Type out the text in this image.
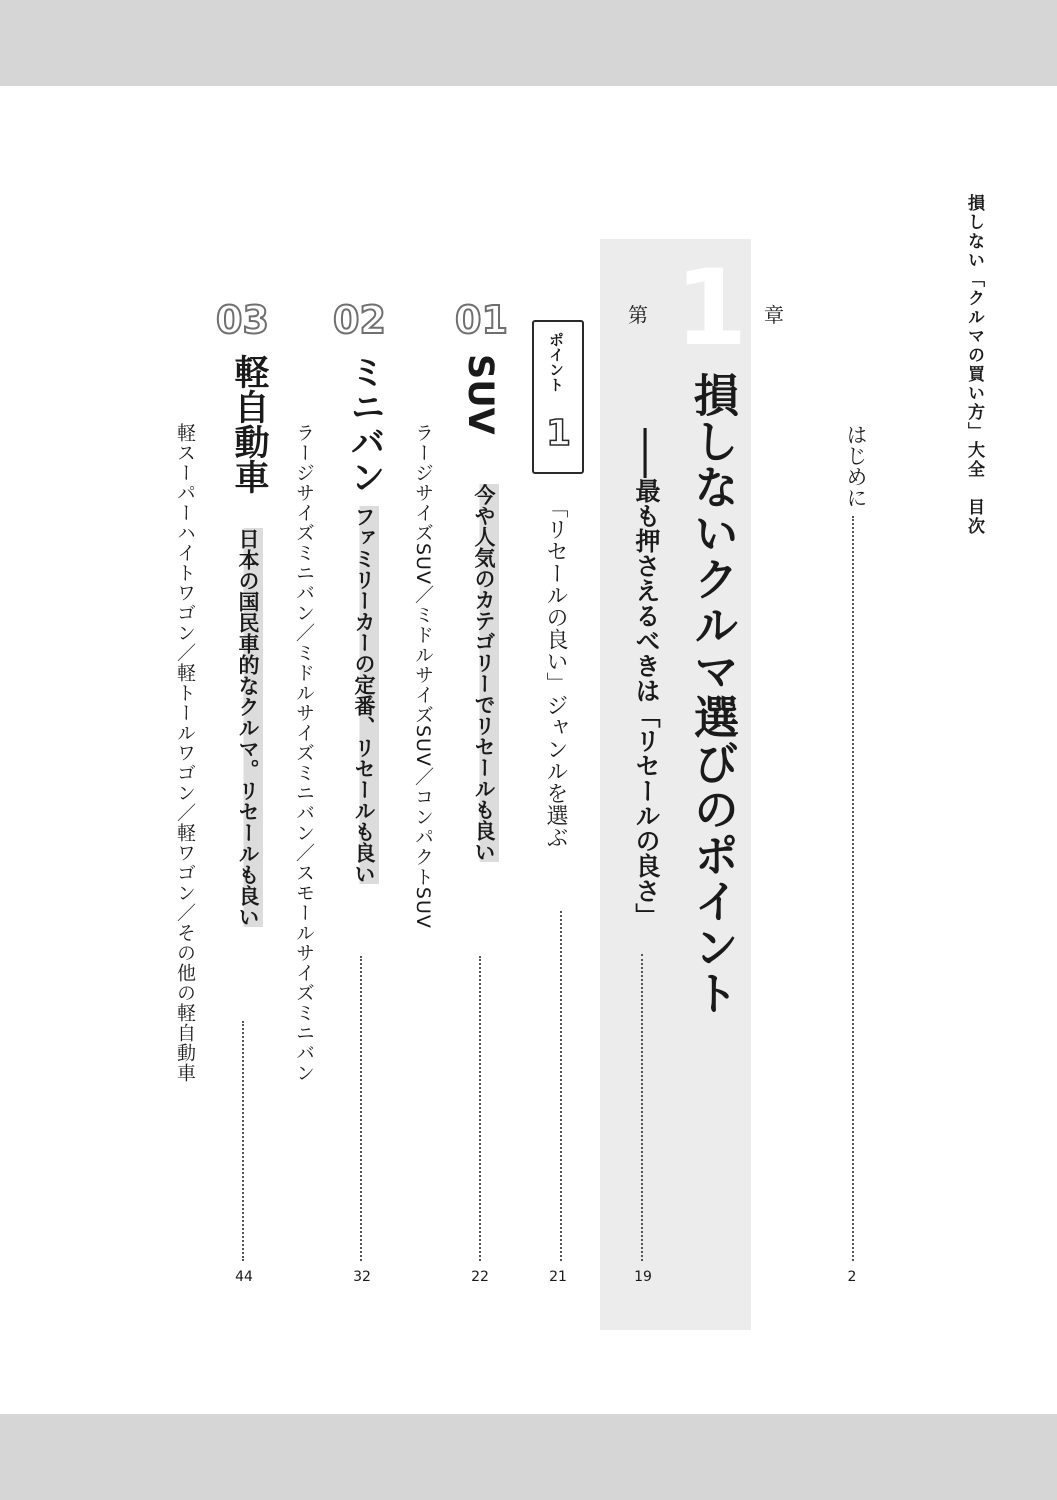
損しない「クルマの買い方」大全　目次
はじめに
2
第 1 章
損しないクルマ選びのポイント
――最も押さえるべきは「リセールの良さ」
19
ポイント
1
「リセールの良い」ジャンルを選ぶ
21
01
SUV
今や人気のカテゴリーでリセールも良い
22
ラージサイズSUV／ミドルサイズSUV／コンパクトSUV
02
ミニバン
ファミリーカーの定番、リセールも良い
32
ラージサイズミニバン／ミドルサイズミニバン／スモールサイズミニバン
03
軽自動車
日本の国民車的なクルマ。リセールも良い
44
軽スーパーハイトワゴン／軽トールワゴン／軽ワゴン／その他の軽自動車
